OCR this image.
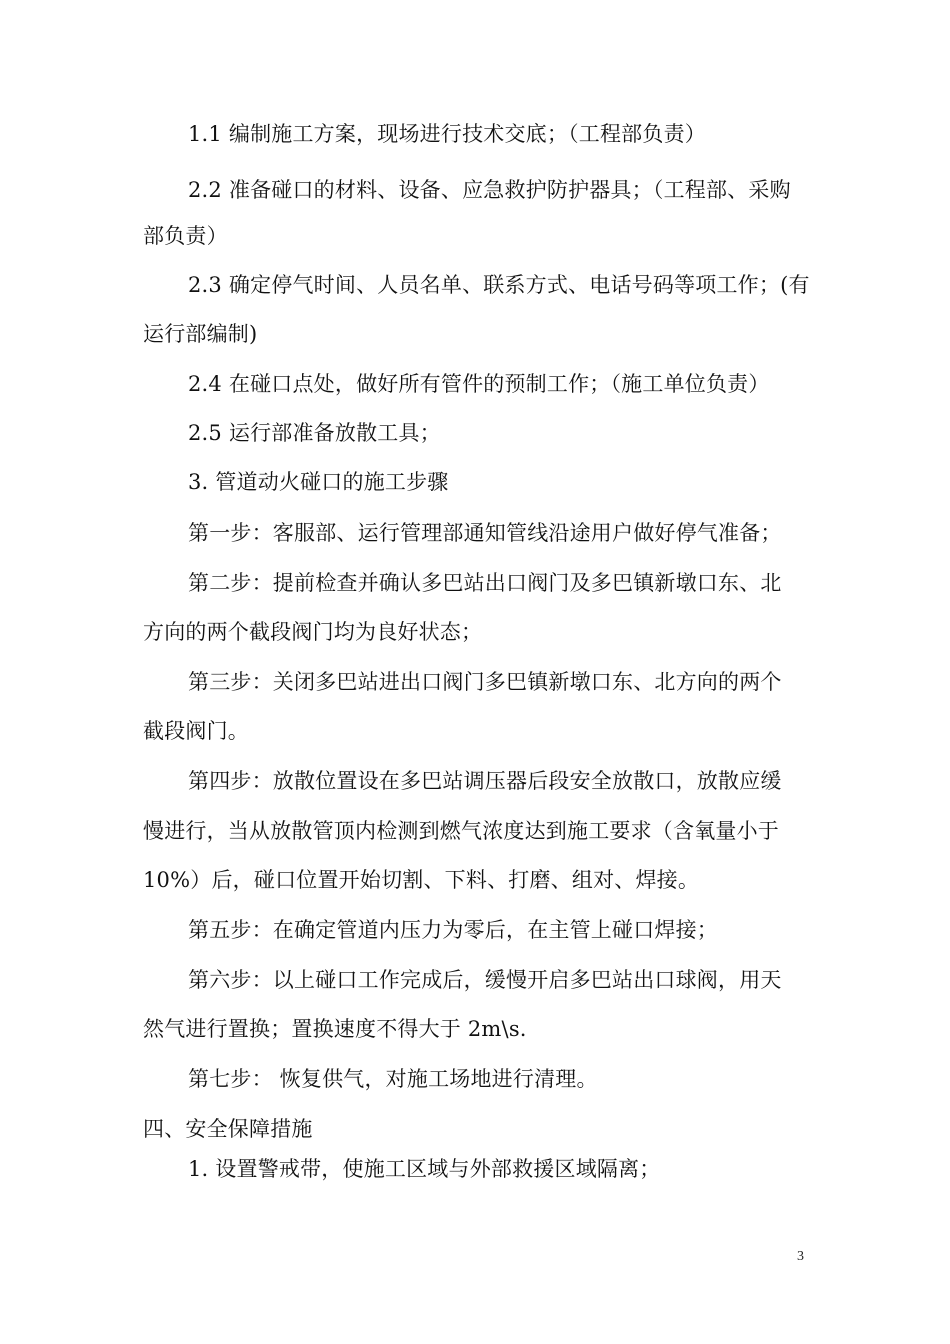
1.1 编制施工方案，现场进行技术交底；（工程部负责）
2.2 准备碰口的材料、设备、应急救护防护器具；（工程部、采购
部负责）
2.3 确定停气时间、人员名单、联系方式、电话号码等项工作；(有
运行部编制)
2.4 在碰口点处，做好所有管件的预制工作；（施工单位负责）
2.5 运行部准备放散工具；
3. 管道动火碰口的施工步骤
第一步：客服部、运行管理部通知管线沿途用户做好停气准备；
第二步：提前检查并确认多巴站出口阀门及多巴镇新墩口东、北
方向的两个截段阀门均为良好状态；
第三步：关闭多巴站进出口阀门多巴镇新墩口东、北方向的两个
截段阀门。
第四步：放散位置设在多巴站调压器后段安全放散口，放散应缓
慢进行，当从放散管顶内检测到燃气浓度达到施工要求（含氧量小于
10%）后，碰口位置开始切割、下料、打磨、组对、焊接。
第五步：在确定管道内压力为零后，在主管上碰口焊接；
第六步：以上碰口工作完成后，缓慢开启多巴站出口球阀，用天
然气进行置换；置换速度不得大于 2m\s.
第七步： 恢复供气，对施工场地进行清理。
四、安全保障措施
1. 设置警戒带，使施工区域与外部救援区域隔离；
3
